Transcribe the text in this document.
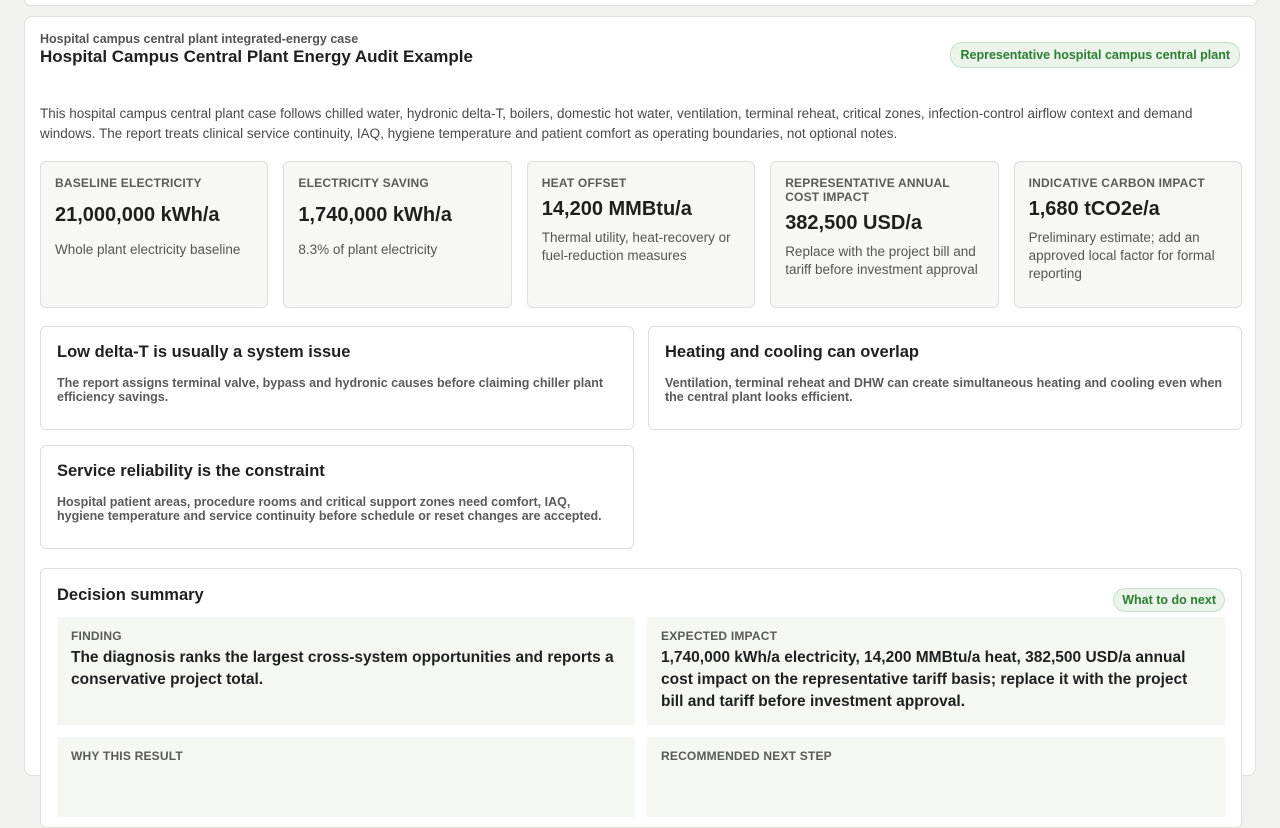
Hospital campus central plant integrated-energy case
Hospital Campus Central Plant Energy Audit Example	Representative hospital campus central plant
This hospital campus central plant case follows chilled water, hydronic delta-T, boilers, domestic hot water, ventilation, terminal reheat, critical zones, infection-control airflow context and demand windows. The report treats clinical service continuity, IAQ, hygiene temperature and patient comfort as operating boundaries, not optional notes.
BASELINE ELECTRICITY
21,000,000 kWh/a
Whole plant electricity baseline
ELECTRICITY SAVING
1,740,000 kWh/a
8.3% of plant electricity
HEAT OFFSET
14,200 MMBtu/a
Thermal utility, heat-recovery or fuel-reduction measures
REPRESENTATIVE ANNUAL COST IMPACT
382,500 USD/a
Replace with the project bill and tariff before investment approval
INDICATIVE CARBON IMPACT
1,680 tCO2e/a
Preliminary estimate; add an approved local factor for formal reporting
Low delta-T is usually a system issue
The report assigns terminal valve, bypass and hydronic causes before claiming chiller plant efficiency savings.
Heating and cooling can overlap
Ventilation, terminal reheat and DHW can create simultaneous heating and cooling even when the central plant looks efficient.
Service reliability is the constraint
Hospital patient areas, procedure rooms and critical support zones need comfort, IAQ, hygiene temperature and service continuity before schedule or reset changes are accepted.
Decision summary	What to do next
FINDING
The diagnosis ranks the largest cross-system opportunities and reports a conservative project total.
EXPECTED IMPACT
1,740,000 kWh/a electricity, 14,200 MMBtu/a heat, 382,500 USD/a annual cost impact on the representative tariff basis; replace it with the project bill and tariff before investment approval.
WHY THIS RESULT	RECOMMENDED NEXT STEP
